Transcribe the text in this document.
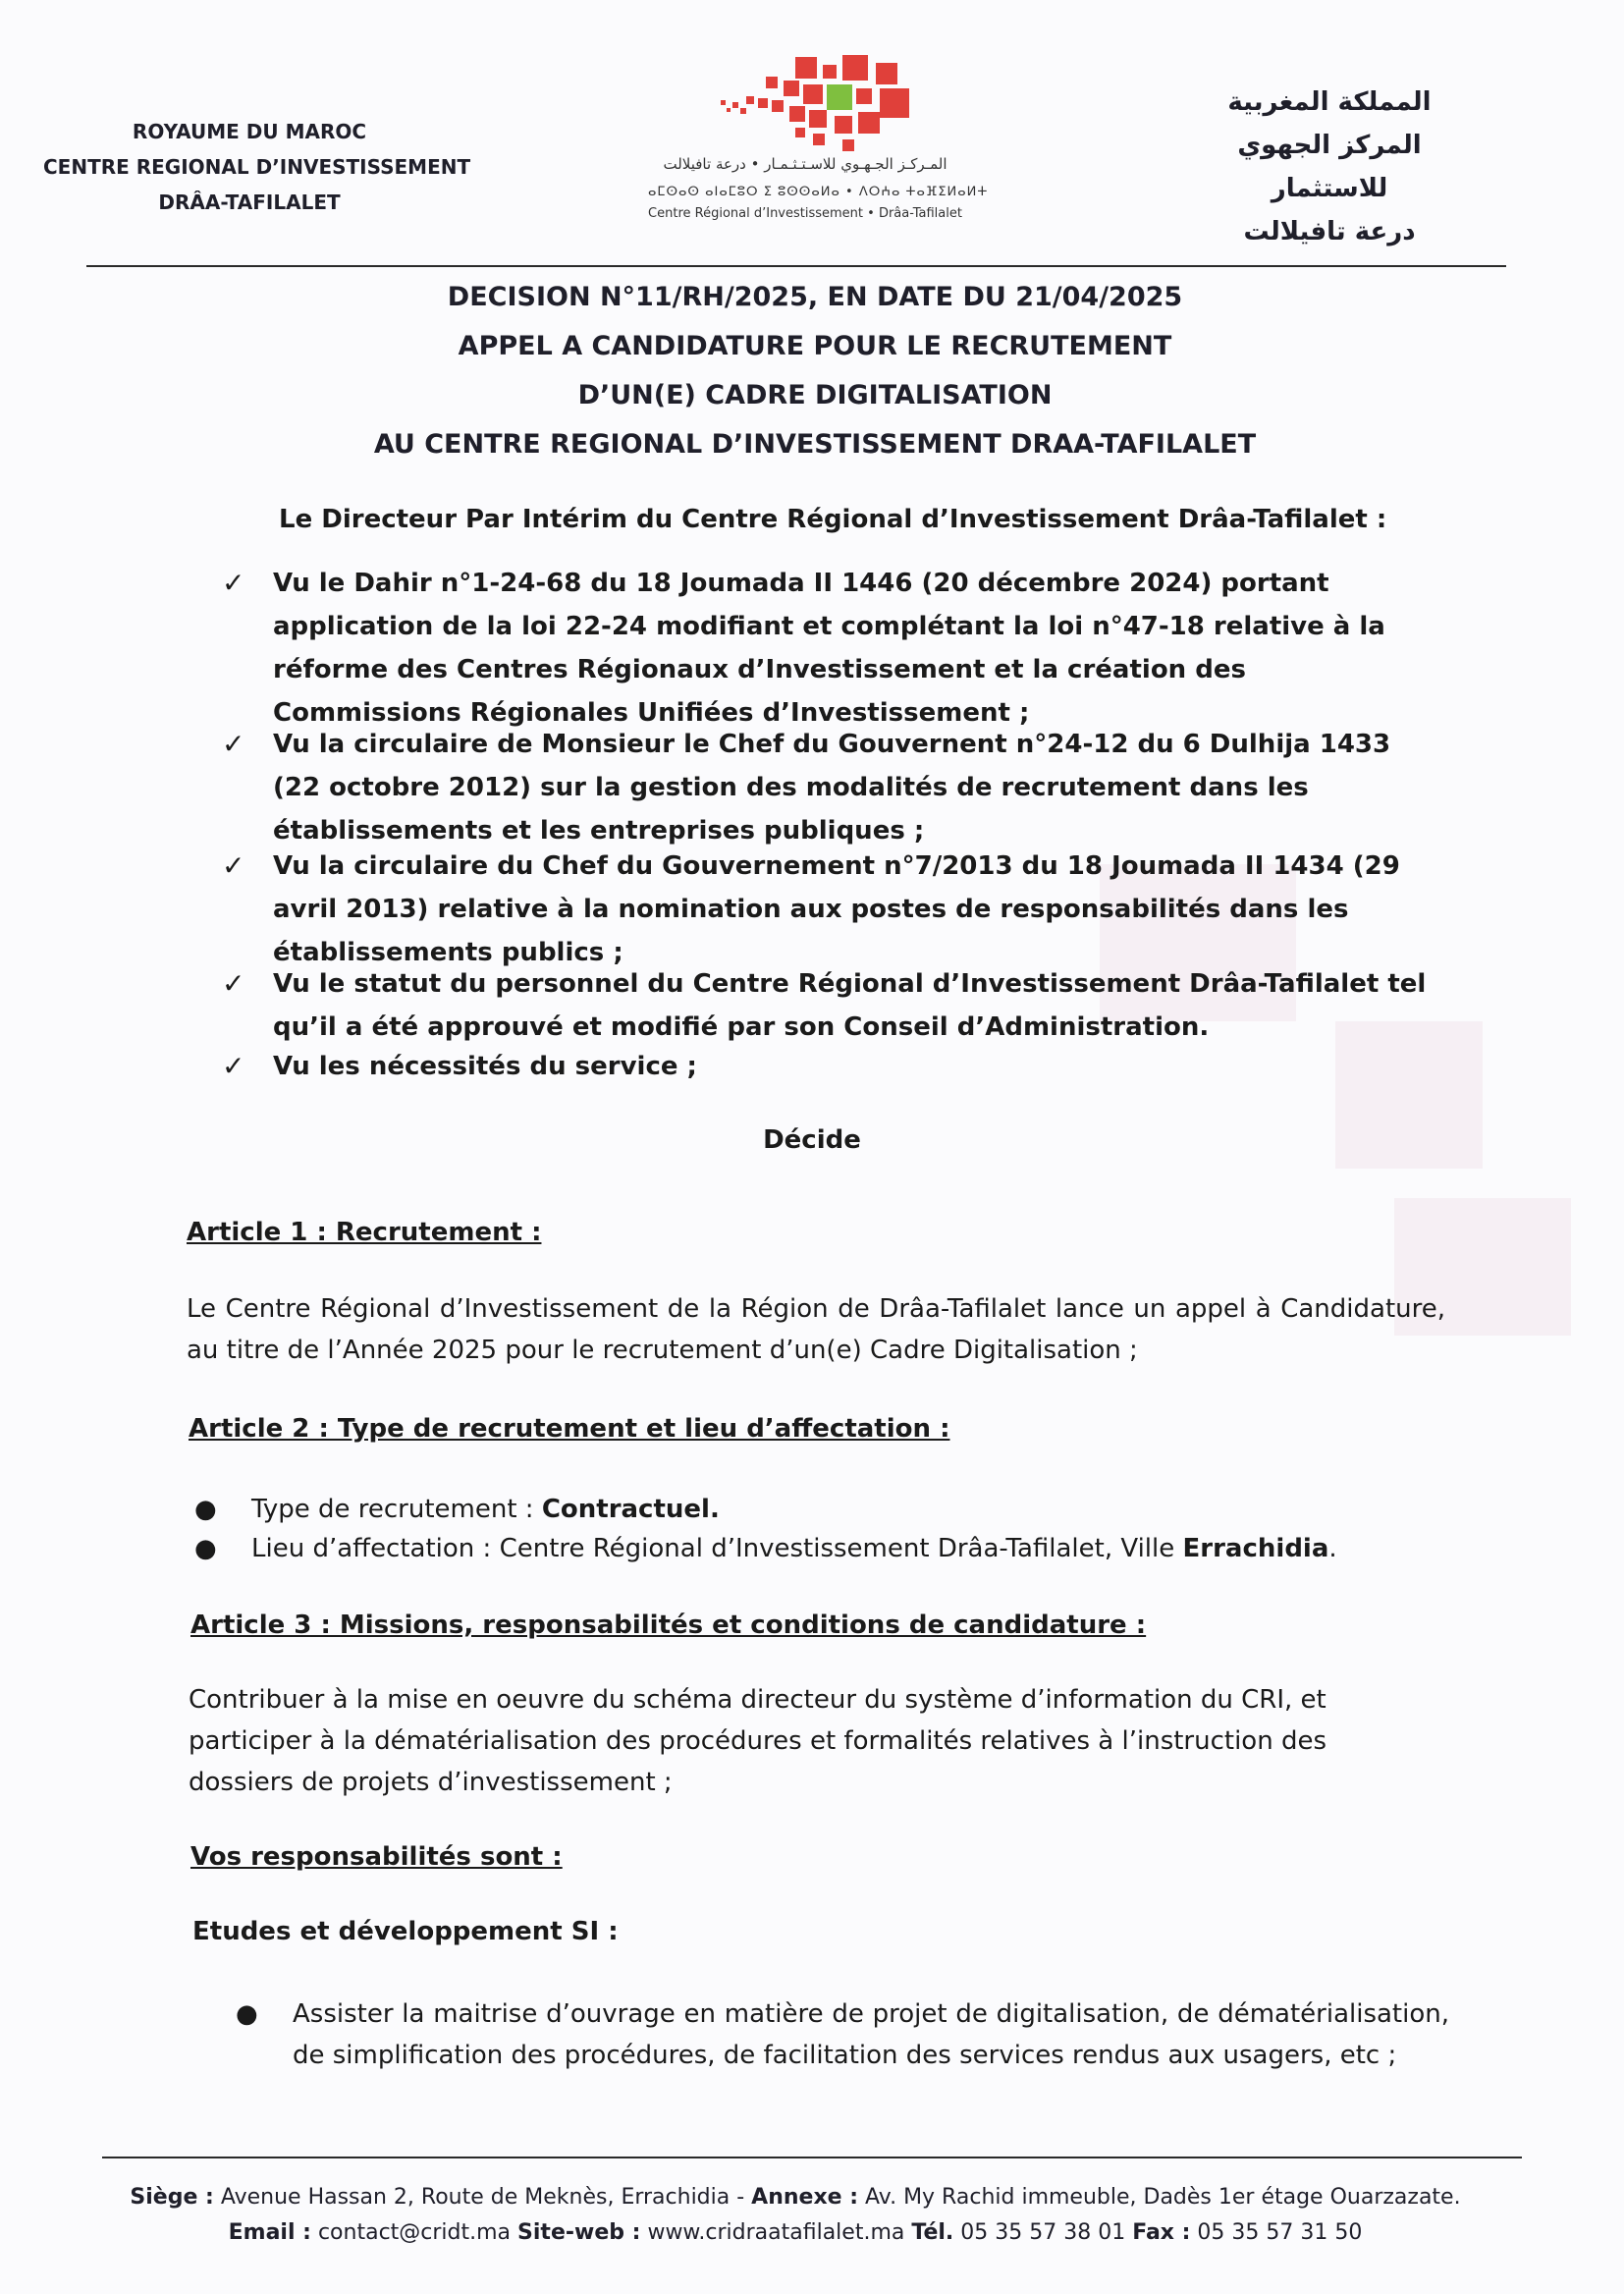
ROYAUME DU MAROC
CENTRE REGIONAL D’INVESTISSEMENT
DRÂA-TAFILALET
المـركـز الجـهـوي للاسـتـثـمـار • درعة تافيلالت
ⴰⵎⵙⴰⵙ ⴰⵏⴰⵎⵓⵔ ⵉ ⵓⵙⵙⴰⵍⴰ • ⴷⵔⵄⴰ ⵜⴰⴼⵉⵍⴰⵍⵜ
Centre Régional d’Investissement • Drâa-Tafilalet
المملكة المغربية
المركز الجهوي للاستثمار
درعة تافيلالت
DECISION N°11/RH/2025, EN DATE DU 21/04/2025
APPEL A CANDIDATURE POUR LE RECRUTEMENT
D’UN(E) CADRE DIGITALISATION
AU CENTRE REGIONAL D’INVESTISSEMENT DRAA-TAFILALET
Le Directeur Par Intérim du Centre Régional d’Investissement Drâa-Tafilalet :
✓ Vu le Dahir n°1-24-68 du 18 Joumada II 1446 (20 décembre 2024) portant application de la loi 22-24 modifiant et complétant la loi n°47-18 relative à la réforme des Centres Régionaux d’Investissement et la création des Commissions Régionales Unifiées d’Investissement ;
✓ Vu la circulaire de Monsieur le Chef du Gouvernent n°24-12 du 6 Dulhija 1433 (22 octobre 2012) sur la gestion des modalités de recrutement dans les établissements et les entreprises publiques ;
✓ Vu la circulaire du Chef du Gouvernement n°7/2013 du 18 Joumada II 1434 (29 avril 2013) relative à la nomination aux postes de responsabilités dans les établissements publics ;
✓ Vu le statut du personnel du Centre Régional d’Investissement Drâa-Tafilalet tel qu’il a été approuvé et modifié par son Conseil d’Administration.
✓ Vu les nécessités du service ;
Décide
Article 1 : Recrutement :
Le Centre Régional d’Investissement de la Région de Drâa-Tafilalet lance un appel à Candidature, au titre de l’Année 2025 pour le recrutement d’un(e) Cadre Digitalisation ;
Article 2 : Type de recrutement et lieu d’affectation :
● Type de recrutement : Contractuel.
● Lieu d’affectation : Centre Régional d’Investissement Drâa-Tafilalet, Ville Errachidia.
Article 3 : Missions, responsabilités et conditions de candidature :
Contribuer à la mise en oeuvre du schéma directeur du système d’information du CRI, et participer à la dématérialisation des procédures et formalités relatives à l’instruction des dossiers de projets d’investissement ;
Vos responsabilités sont :
Etudes et développement SI :
● Assister la maitrise d’ouvrage en matière de projet de digitalisation, de dématérialisation, de simplification des procédures, de facilitation des services rendus aux usagers, etc ;
Siège : Avenue Hassan 2, Route de Meknès, Errachidia - Annexe : Av. My Rachid immeuble, Dadès 1er étage Ouarzazate.
Email : contact@cridt.ma Site-web : www.cridraatafilalet.ma Tél. 05 35 57 38 01 Fax : 05 35 57 31 50
